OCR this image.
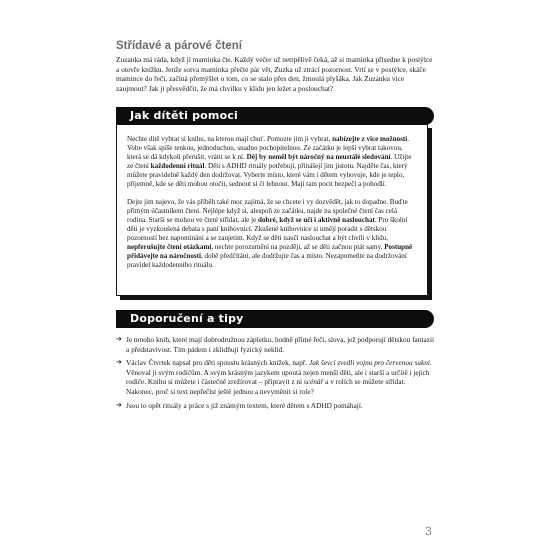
Střídavé a párové čtení

Zuzanka má ráda, když jí maminka čte. Každý večer už netrpělivě čeká, až si maminka přisedne k postýlce a otevře knížku. Jenže sotva maminka přečte pár vět, Zuzka už ztrácí pozornost. Vrtí se v postýlce, skáče mamince do řeči, začíná přemýšlet o tom, co se stalo přes den, žmoulá plyšáka. Jak Zuzanku více zaujmout? Jak ji přesvědčit, že má chvilku v klidu jen ležet a poslouchat?

Jak dítěti pomoci

Nechte dítě vybrat si knihu, na kterou mají chuť. Pomozte jim ji vybrat, nabízejte z více možností. Volte však spíše tenkou, jednoduchou, snadno pochopitelnou. Ze začátku je lepší vybrat takovou, která se dá kdykoli přerušit, vrátit se k ní. Děj by neměl být náročný na neustálé sledování. Užijte ze čtení každodenní rituál. Děti s ADHD rituály potřebují, přinášejí jim jistotu. Najděte čas, který můžete pravidelně každý den dodržovat. Vyberte místo, které vám i dětem vyhovuje, kde je teplo, příjemně, kde se děti mohou otočit, sednout si či lehnout. Mají tam pocit bezpečí a pohodlí.

Dejte jim najevo, že vás příběh také moc zajímá, že se chcete i vy dozvědět, jak to dopadne. Buďte přímým účastníkem čtení. Nejlépe když si, alespoň ze začátku, najde na společné čtení čas celá rodina. Starší se mohou ve čtení střídat, ale je dobré, když se učí i aktivně naslouchat. Pro školní děti je vyzkoušená debata s paní knihovnicí. Zkušené knihovnice si umějí poradit s dětskou pozorností bez napomínání a se zaujetím. Když se děti naučí naslouchat a být chvíli v klidu, nepferušujte čtení otázkami, nechte porozumění na později, až se děti začnou ptát samy. Postupně přidávejte na náročnosti, době předčítání, ale dodržujte čas a místo. Nezapomeňte na dodržování pravidel každodenního rituálu.

Doporučení a tipy
➔ Je mnoho knih, které mají dobrodružnou zápletku, hodně přímé řeči, slova, jež podporují dětskou fantazii a představivost. Tím pádem i zklidňují fyzický neklid.
➔ Václav Čtvrtek napsal pro děti spoustu krásných knížek, např. Jak ševcí zvedli vojnu pro červenou sukni. Věnoval ji svým rodičům. A svým krásným jazykem upoutá nejen menší děti, ale i starší a určitě i jejich rodiče. Knihu si můžete i částečně zrežírovat – připravit z ní scénář a v rolích se můžete střídat. Nakonec, proč si text nepřečíst ještě jednou a nevyměnit si role?
➔ Jsou to opět rituály a práce s již známým textem, které dětem s ADHD pomáhají.
3
